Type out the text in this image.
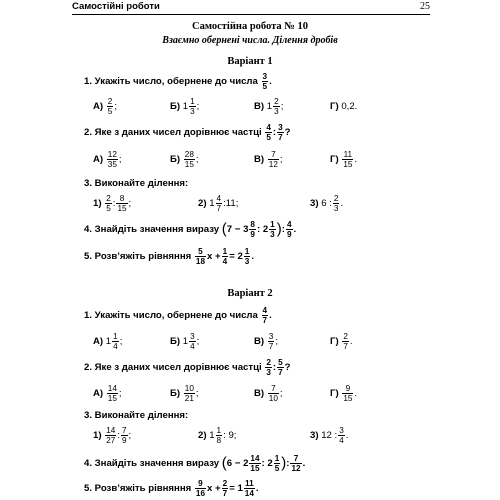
Самостійні роботи	25
Самостійна робота № 10
Взаємно обернені числа. Ділення дробів
Варіант 1
1. Укажіть число, обернене до числа $\frac{3}{5}$ .
$А) \frac{2}{5}$ ;	Б) $1 \frac{1}{3}$ ;	В) $1 \frac{2}{3}$ ;	Г) 0,2.
2. Яке з даних чисел дорівнює частці $\frac{4}{5}$ : $\frac{3}{7}$ ?
$А) \frac{12}{35}$ ;	$Б) \frac{28}{15}$ ;	$В) \frac{7}{12}$ ;	$Г) \frac{11}{15}$ .
3. Виконайте ділення:
$1) \frac{2}{5}$ : $\frac{8}{15}$ ;	2) $1 \frac{4}{7}$ :11;	3) 6 : $\frac{2}{3}$ .
4. Знайдіть значення виразу ($7 - 3 \frac{8}{9}$ : $2 \frac{1}{3}$ ): $\frac{4}{9}$ .
5. Розв’яжіть рівняння $\frac{5}{18}$ $x + \frac{1}{4} = 2 \frac{1}{3}$ .
Варіант 2
1. Укажіть число, обернене до числа $\frac{4}{7}$ .
А) $1 \frac{1}{4}$ ;	Б) $1 \frac{3}{4}$ ;	$В) \frac{3}{7}$ ;	$Г) \frac{2}{7}$ .
2. Яке з даних чисел дорівнює частці $\frac{2}{3}$ : $\frac{5}{7}$ ?
$А) \frac{14}{15}$ ;	$Б) \frac{10}{21}$ ;	$В) \frac{7}{10}$ ;	$Г) \frac{9}{15}$ .
3. Виконайте ділення:
$1) \frac{14}{27}$ : $\frac{7}{9}$ ;	2) $1 \frac{1}{8}$ : 9;	3) 12 : $\frac{3}{4}$ .
4. Знайдіть значення виразу ($6 - 2 \frac{14}{15}$ : $2 \frac{1}{5}$ ): $\frac{7}{12}$ .
5. Розв’яжіть рівняння $\frac{9}{16}$ $x + \frac{2}{7} = 1 \frac{11}{14}$ .
